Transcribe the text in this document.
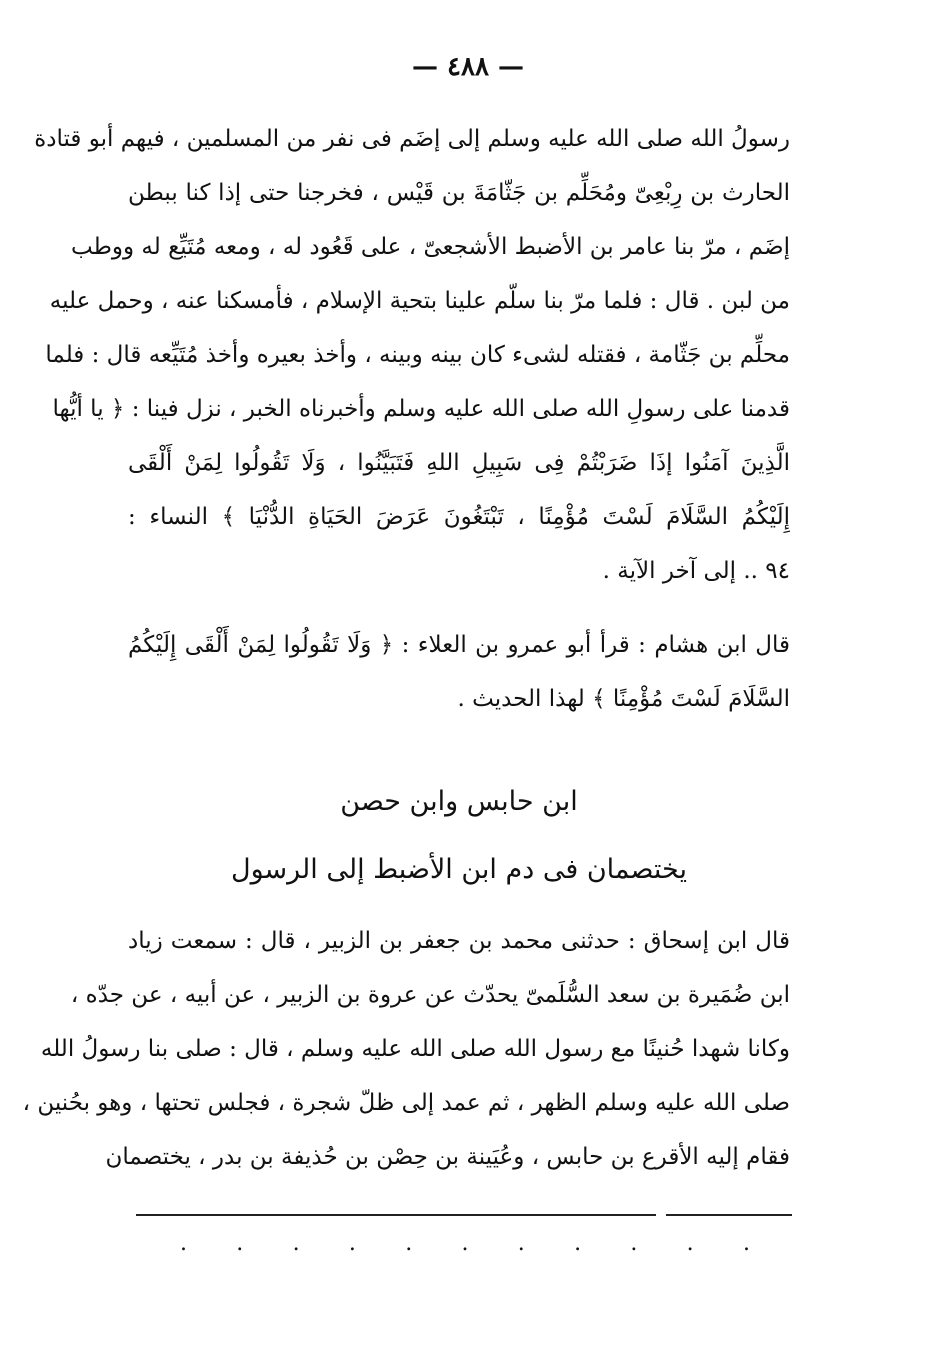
— ٤٨٨ —
رسولُ الله صلى الله عليه وسلم إلى إضَم فى نفر من المسلمين ، فيهم أبو قتادة
الحارث بن رِبْعِىّ ومُحَلِّم بن جَثّامَةَ بن قَيْس ، فخرجنا حتى إذا كنا ببطن
إضَم ، مرّ بنا عامر بن الأضبط الأشجعىّ ، على قَعُود له ، ومعه مُتَيِّع له ووطب
من لبن . قال : فلما مرّ بنا سلّم علينا بتحية الإسلام ، فأمسكنا عنه ، وحمل عليه
محلِّم بن جَثّامة ، فقتله لشىء كان بينه وبينه ، وأخذ بعيره وأخذ مُتَيِّعه قال : فلما
قدمنا على رسولِ الله صلى الله عليه وسلم وأخبرناه الخبر ، نزل فينا : ﴿ يا أيُّها
الَّذِينَ آمَنُوا إذَا ضَرَبْتُمْ فِى سَبِيلِ اللهِ فَتَبَيَّنُوا ، وَلَا تَقُولُوا لِمَنْ أَلْقَى
إِلَيْكُمُ السَّلَامَ لَسْتَ مُؤْمِنًا ، تَبْتَغُونَ عَرَضَ الحَيَاةِ الدُّنْيَا ﴾ النساء :
٩٤ .. إلى آخر الآية .
قال ابن هشام : قرأ أبو عمرو بن العلاء : ﴿ وَلَا تَقُولُوا لِمَنْ أَلْقَى إِلَيْكُمُ
السَّلَامَ لَسْتَ مُؤْمِنًا ﴾ لهذا الحديث .
ابن حابس وابن حصن
يختصمان فى دم ابن الأضبط إلى الرسول
قال ابن إسحاق : حدثنى محمد بن جعفر بن الزبير ، قال : سمعت زياد
ابن ضُمَيرة بن سعد السُّلَمىّ يحدّث عن عروة بن الزبير ، عن أبيه ، عن جدّه ،
وكانا شهدا حُنينًا مع رسول الله صلى الله عليه وسلم ، قال : صلى بنا رسولُ الله
صلى الله عليه وسلم الظهر ، ثم عمد إلى ظلّ شجرة ، فجلس تحتها ، وهو بحُنين ،
فقام إليه الأقرع بن حابس ، وعُيَينة بن حِصْن بن حُذيفة بن بدر ، يختصمان
. . . . . . . . . . .
